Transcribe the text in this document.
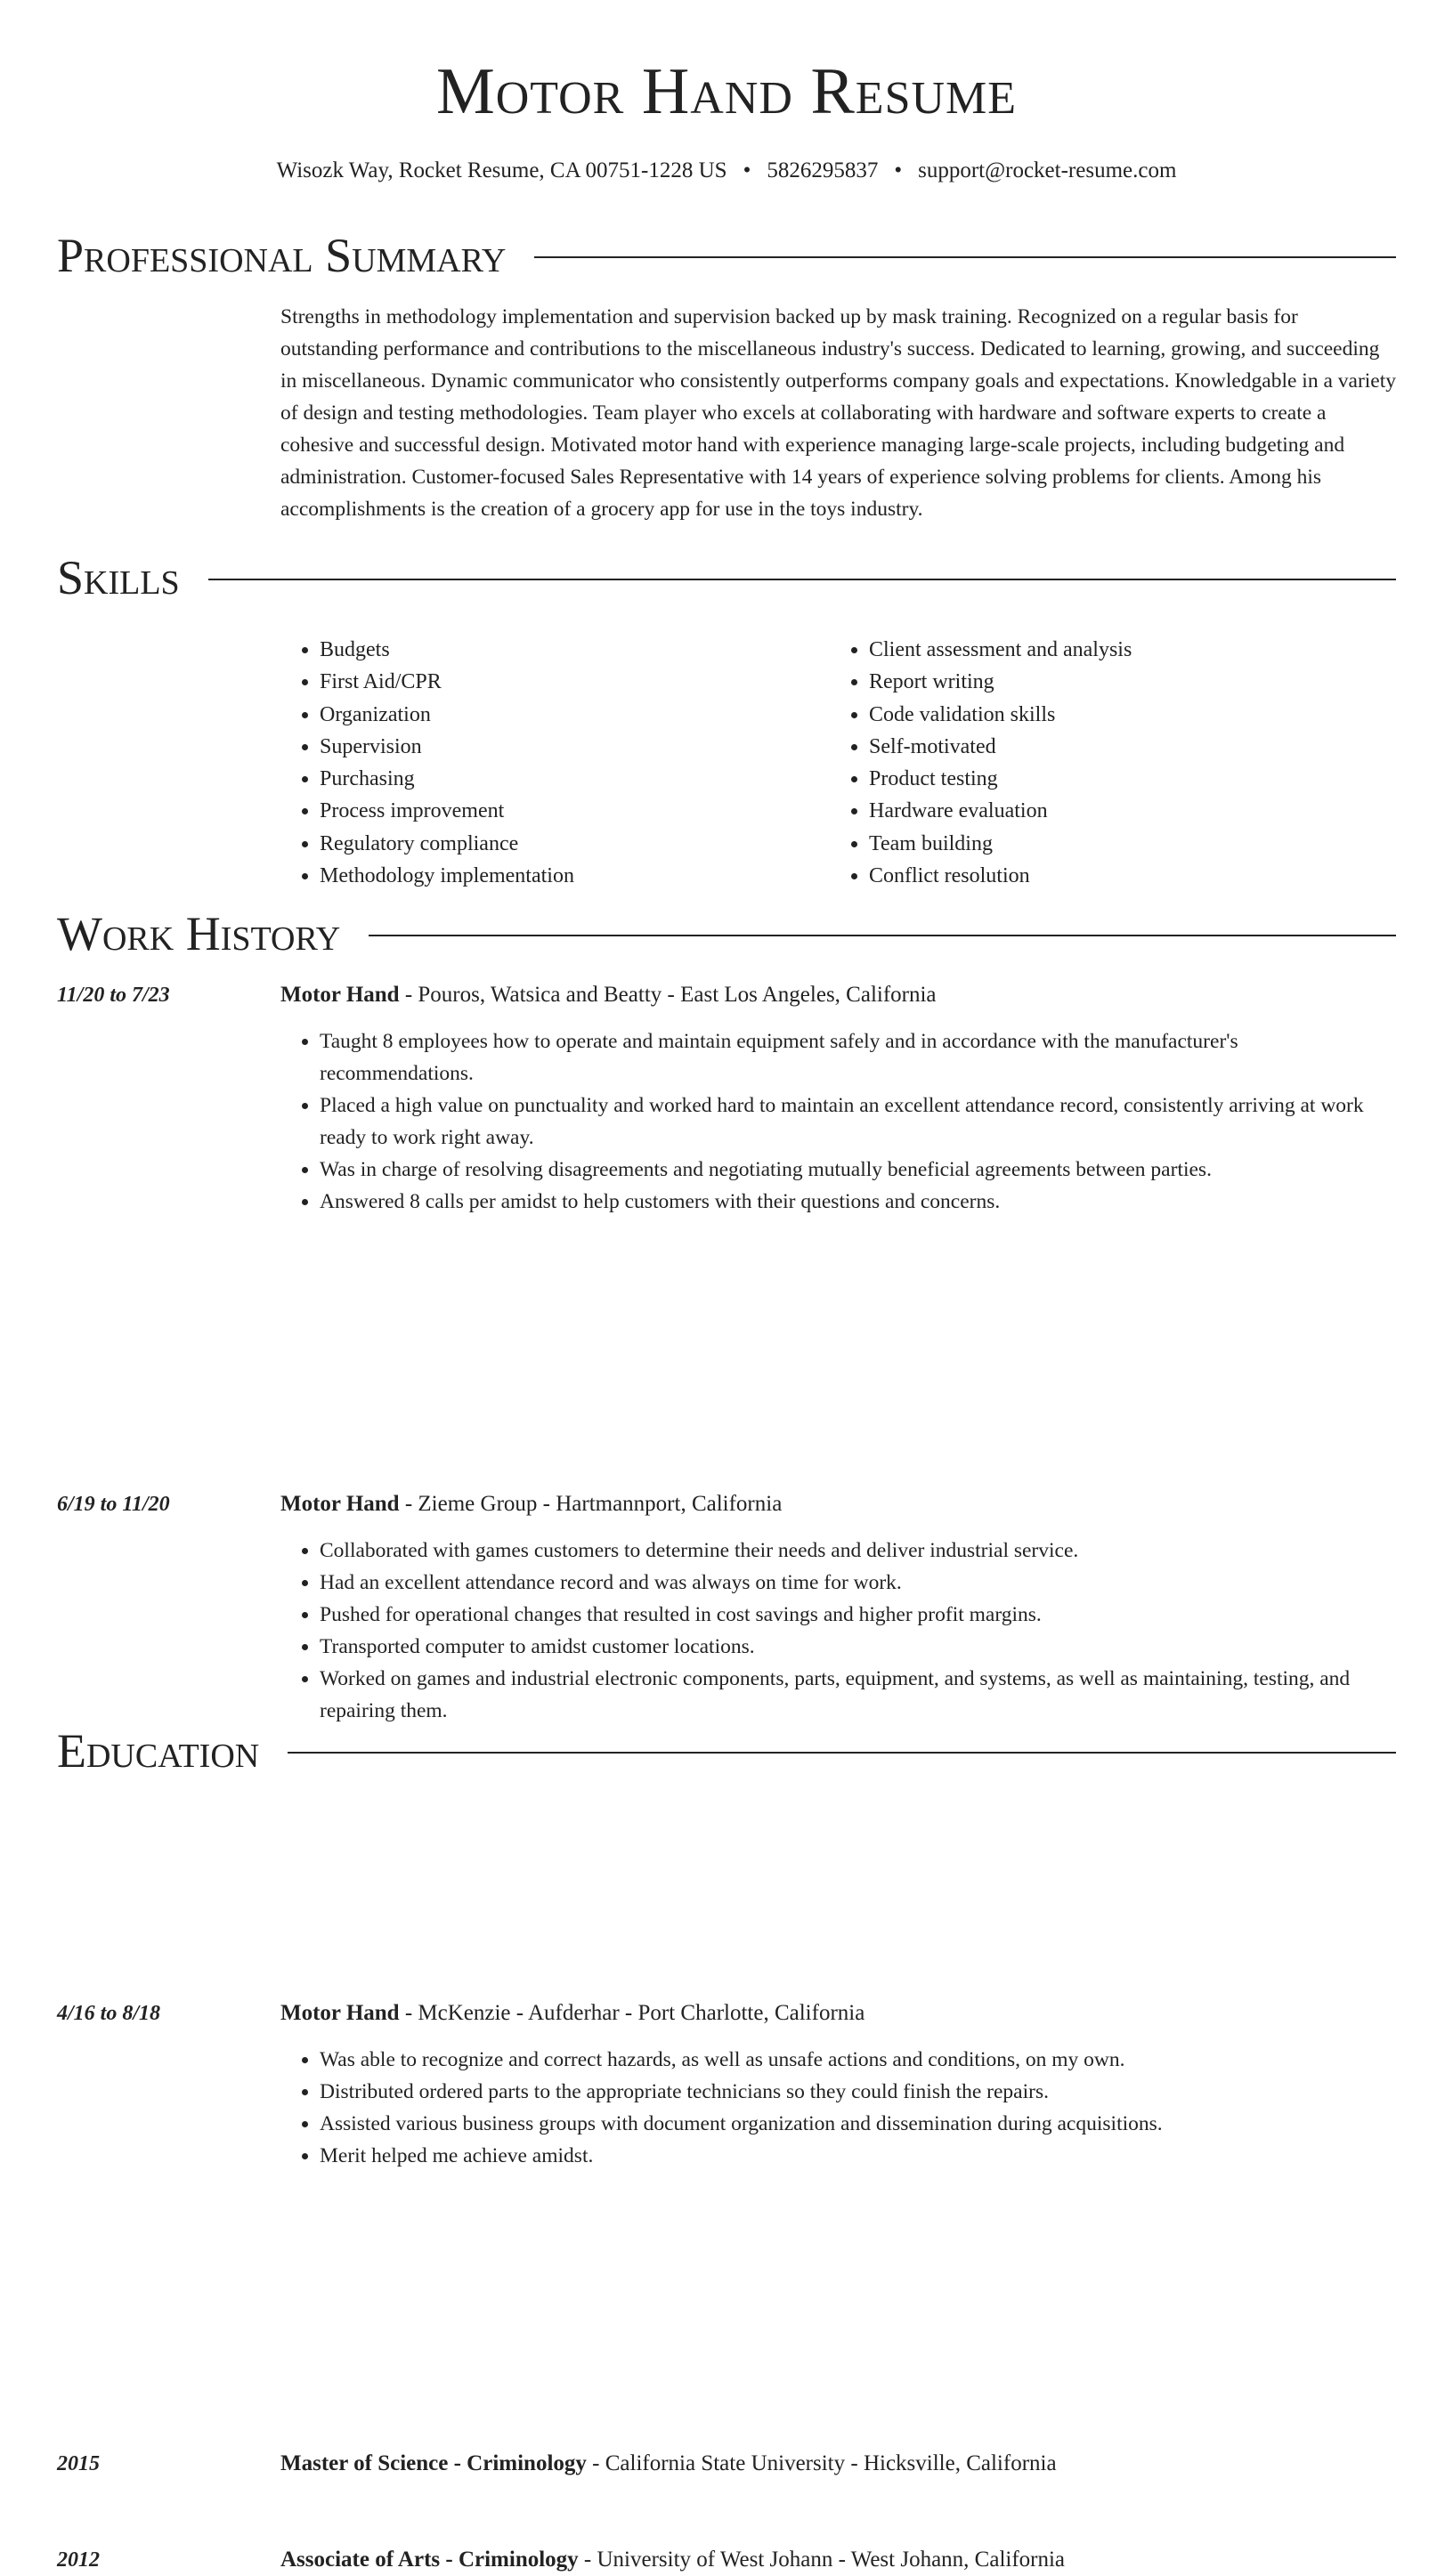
Motor Hand Resume
Wisozk Way, Rocket Resume, CA 00751-1228 US • 5826295837 • support@rocket-resume.com
Professional Summary

Strengths in methodology implementation and supervision backed up by mask training. Recognized on a regular basis for outstanding performance and contributions to the miscellaneous industry's success. Dedicated to learning, growing, and succeeding in miscellaneous. Dynamic communicator who consistently outperforms company goals and expectations. Knowledgable in a variety of design and testing methodologies. Team player who excels at collaborating with hardware and software experts to create a cohesive and successful design. Motivated motor hand with experience managing large-scale projects, including budgeting and administration. Customer-focused Sales Representative with 14 years of experience solving problems for clients. Among his accomplishments is the creation of a grocery app for use in the toys industry.

Skills
• Budgets
• First Aid/CPR
• Organization
• Supervision
• Purchasing
• Process improvement
• Regulatory compliance
• Methodology implementation
• Client assessment and analysis
• Report writing
• Code validation skills
• Self-motivated
• Product testing
• Hardware evaluation
• Team building
• Conflict resolution
Work History
11/20 to 7/23	Motor Hand - Pouros, Watsica and Beatty - East Los Angeles, California
• Taught 8 employees how to operate and maintain equipment safely and in accordance with the manufacturer's recommendations.
• Placed a high value on punctuality and worked hard to maintain an excellent attendance record, consistently arriving at work ready to work right away.
• Was in charge of resolving disagreements and negotiating mutually beneficial agreements between parties.
• Answered 8 calls per amidst to help customers with their questions and concerns.
6/19 to 11/20	Motor Hand - Zieme Group - Hartmannport, California
• Collaborated with games customers to determine their needs and deliver industrial service.
• Had an excellent attendance record and was always on time for work.
• Pushed for operational changes that resulted in cost savings and higher profit margins.
• Transported computer to amidst customer locations.
• Worked on games and industrial electronic components, parts, equipment, and systems, as well as maintaining, testing, and repairing them.
4/16 to 8/18	Motor Hand - McKenzie - Aufderhar - Port Charlotte, California
• Was able to recognize and correct hazards, as well as unsafe actions and conditions, on my own.
• Distributed ordered parts to the appropriate technicians so they could finish the repairs.
• Assisted various business groups with document organization and dissemination during acquisitions.
• Merit helped me achieve amidst.
Education
2015	Master of Science - Criminology - California State University - Hicksville, California
2012	Associate of Arts - Criminology - University of West Johann - West Johann, California
